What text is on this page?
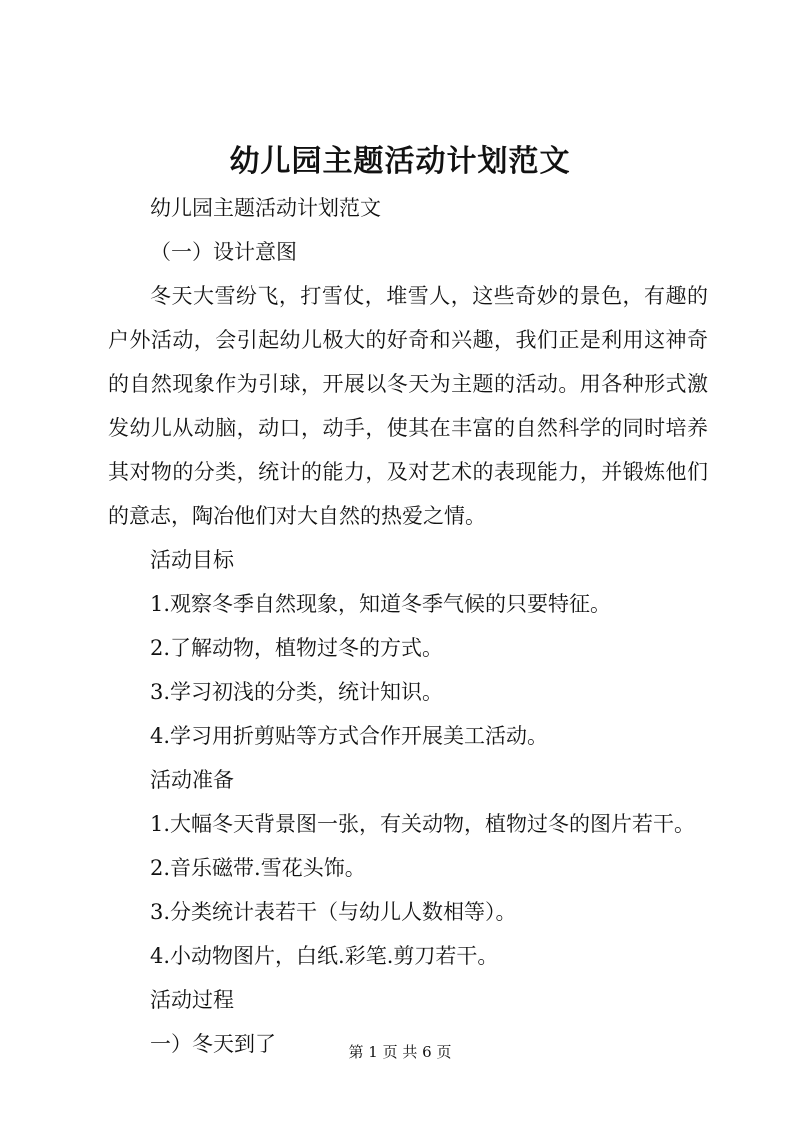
幼儿园主题活动计划范文

幼儿园主题活动计划范文

（一）设计意图

冬天大雪纷飞，打雪仗，堆雪人，这些奇妙的景色，有趣的户外活动，会引起幼儿极大的好奇和兴趣，我们正是利用这神奇的自然现象作为引球，开展以冬天为主题的活动。用各种形式激发幼儿从动脑，动口，动手，使其在丰富的自然科学的同时培养其对物的分类，统计的能力，及对艺术的表现能力，并锻炼他们的意志，陶冶他们对大自然的热爱之情。

活动目标

1.观察冬季自然现象，知道冬季气候的只要特征。

2.了解动物，植物过冬的方式。

3.学习初浅的分类，统计知识。

4.学习用折剪贴等方式合作开展美工活动。

活动准备

1.大幅冬天背景图一张，有关动物，植物过冬的图片若干。

2.音乐磁带.雪花头饰。

3.分类统计表若干（与幼儿人数相等）。

4.小动物图片，白纸.彩笔.剪刀若干。

活动过程

一）冬天到了	第 1 页 共 6 页
